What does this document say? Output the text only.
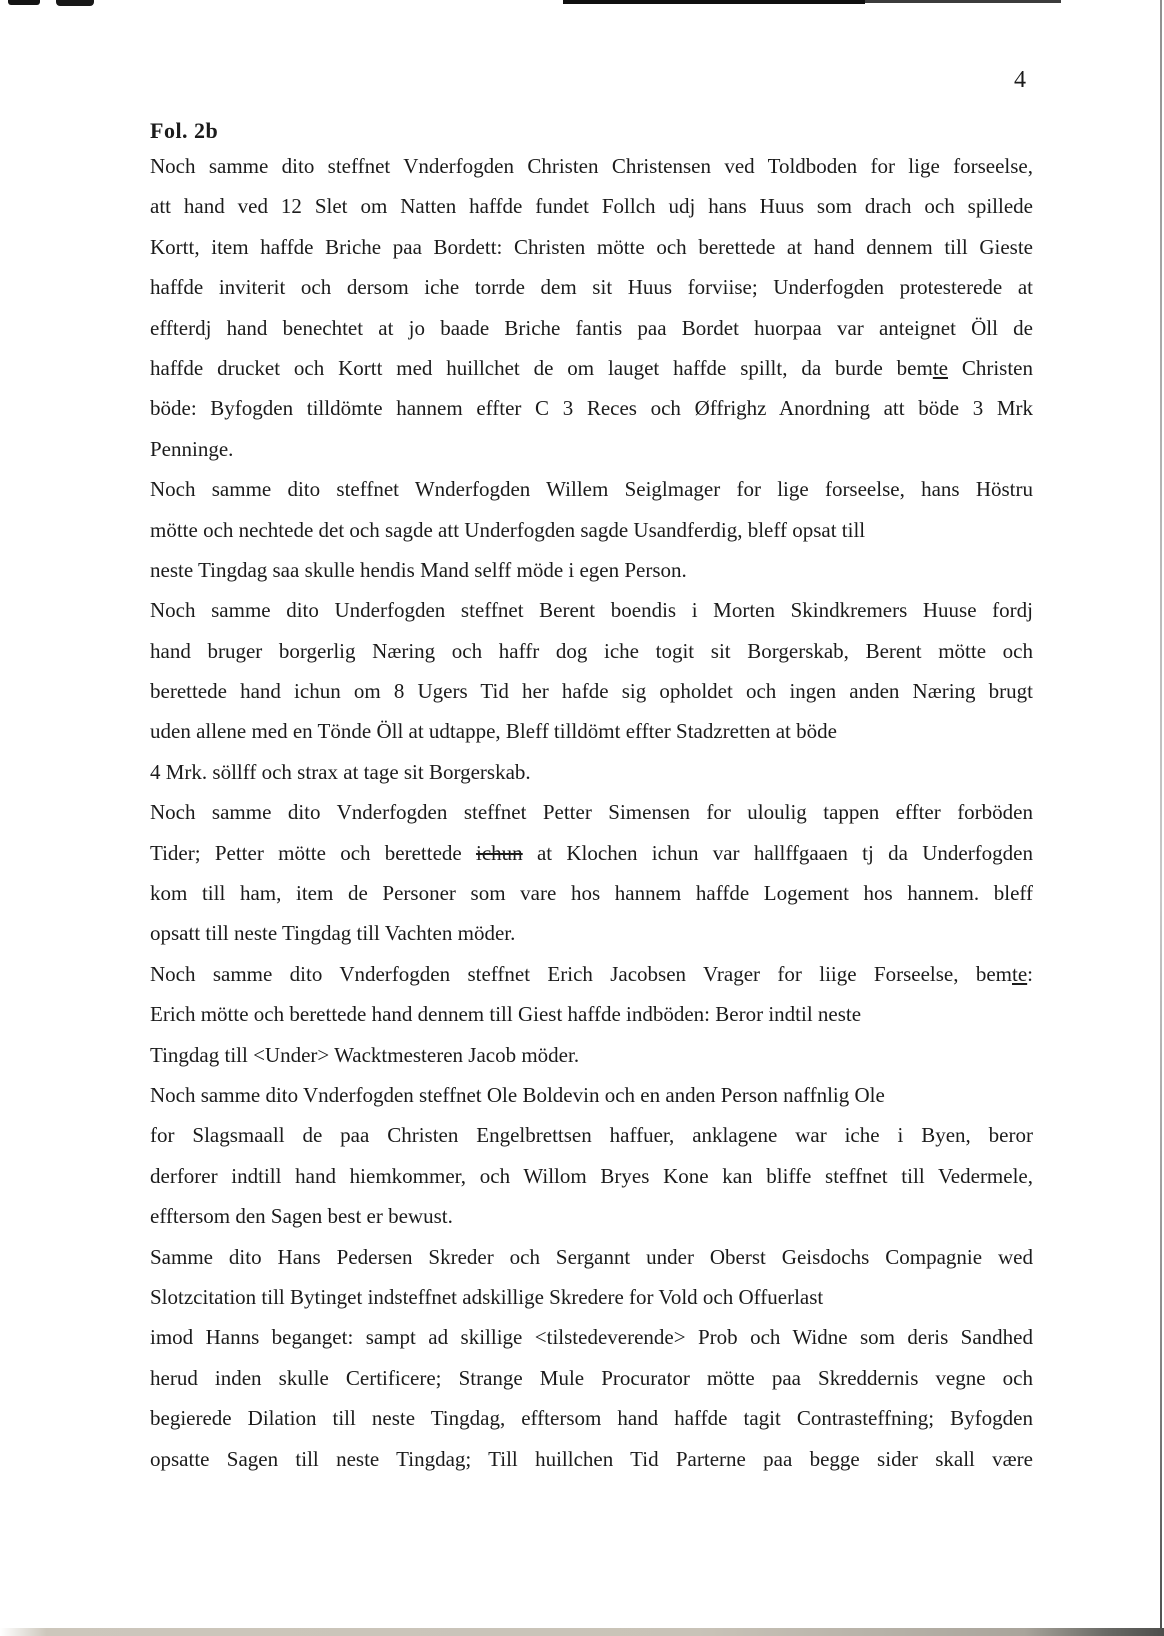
4
Fol. 2b
Noch samme dito steffnet Vnderfogden Christen Christensen ved Toldboden for lige forseelse,
att hand ved 12 Slet om Natten haffde fundet Follch udj hans Huus som drach och spillede
Kortt, item haffde Briche paa Bordett: Christen mötte och berettede at hand dennem till Gieste
haffde inviterit och dersom iche torrde dem sit Huus forviise; Underfogden protesterede at
effterdj hand benechtet at jo baade Briche fantis paa Bordet huorpaa var anteignet Öll de
haffde drucket och Kortt med huillchet de om lauget haffde spillt, da burde bemte Christen
böde: Byfogden tilldömte hannem effter C 3 Reces och Øffrighz Anordning att böde 3 Mrk
Penninge.
Noch samme dito steffnet Wnderfogden Willem Seiglmager for lige forseelse, hans Höstru
mötte och nechtede det och sagde att Underfogden sagde Usandferdig, bleff opsat till
neste Tingdag saa skulle hendis Mand selff möde i egen Person.
Noch samme dito Underfogden steffnet Berent boendis i Morten Skindkremers Huuse fordj
hand bruger borgerlig Næring och haffr dog iche togit sit Borgerskab, Berent mötte och
berettede hand ichun om 8 Ugers Tid her hafde sig opholdet och ingen anden Næring brugt
uden allene med en Tönde Öll at udtappe, Bleff tilldömt effter Stadzretten at böde
4 Mrk. söllff och strax at tage sit Borgerskab.
Noch samme dito Vnderfogden steffnet Petter Simensen for uloulig tappen effter forböden
Tider; Petter mötte och berettede ichun at Klochen ichun var hallffgaaen tj da Underfogden
kom till ham, item de Personer som vare hos hannem haffde Logement hos hannem. bleff
opsatt till neste Tingdag till Vachten möder.
Noch samme dito Vnderfogden steffnet Erich Jacobsen Vrager for liige Forseelse, bemte:
Erich mötte och berettede hand dennem till Giest haffde indböden: Beror indtil neste
Tingdag till <Under> Wacktmesteren Jacob möder.
Noch samme dito Vnderfogden steffnet Ole Boldevin och en anden Person naffnlig Ole
for Slagsmaall de paa Christen Engelbrettsen haffuer, anklagene war iche i Byen, beror
derforer indtill hand hiemkommer, och Willom Bryes Kone kan bliffe steffnet till Vedermele,
efftersom den Sagen best er bewust.
Samme dito Hans Pedersen Skreder och Sergannt under Oberst Geisdochs Compagnie wed
Slotzcitation till Bytinget indsteffnet adskillige Skredere for Vold och Offuerlast
imod Hanns beganget: sampt ad skillige <tilstedeverende> Prob och Widne som deris Sandhed
herud inden skulle Certificere; Strange Mule Procurator mötte paa Skreddernis vegne och
begierede Dilation till neste Tingdag, efftersom hand haffde tagit Contrasteffning; Byfogden
opsatte Sagen till neste Tingdag; Till huillchen Tid Parterne paa begge sider skall være
